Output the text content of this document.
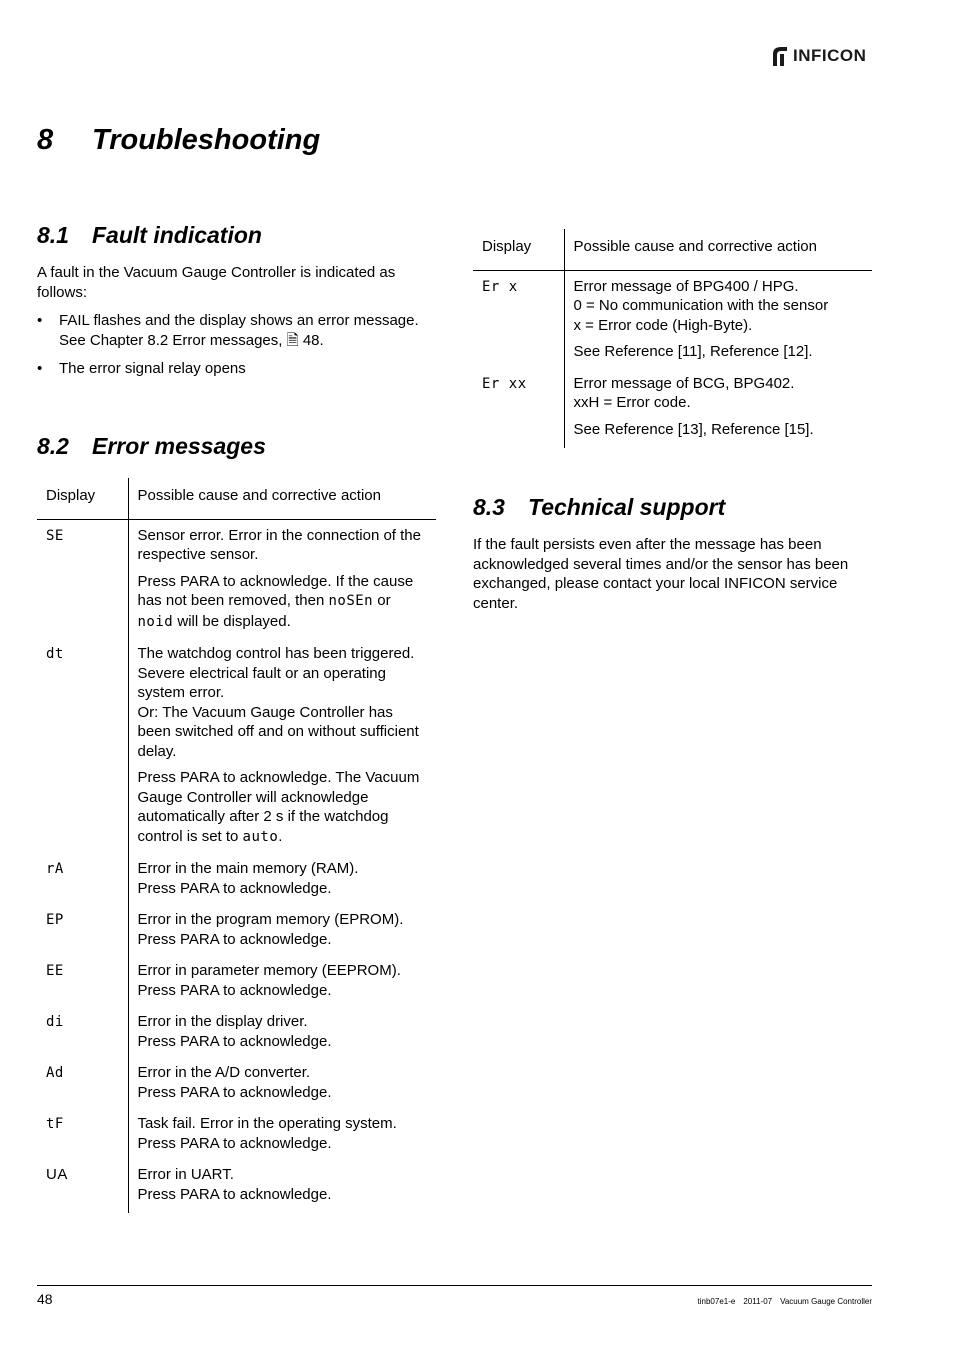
INFICON
8 Troubleshooting
8.1 Fault indication

A fault in the Vacuum Gauge Controller is indicated as follows:

• FAIL flashes and the display shows an error message.
See Chapter 8.2 Error messages, 🗎 48.
• The error signal relay opens
8.2 Error messages
Display	Possible cause and corrective action
SE	Sensor error. Error in the connection of the respective sensor.
Press PARA to acknowledge. If the cause has not been removed, then noSEn or noid will be displayed.

dt	The watchdog control has been triggered. Severe electrical fault or an operating system error.
Or: The Vacuum Gauge Controller has been switched off and on without sufficient delay.
Press PARA to acknowledge. The Vacuum Gauge Controller will acknowledge automatically after 2 s if the watchdog control is set to auto.

rA	Error in the main memory (RAM).
Press PARA to acknowledge.

EP	Error in the program memory (EPROM).
Press PARA to acknowledge.

EE	Error in parameter memory (EEPROM).
Press PARA to acknowledge.

di	Error in the display driver.
Press PARA to acknowledge.

Ad	Error in the A/D converter.
Press PARA to acknowledge.

tF	Task fail. Error in the operating system.
Press PARA to acknowledge.

UA	Error in UART.
Press PARA to acknowledge.
Display	Possible cause and corrective action
Er x	Error message of BPG400 / HPG.
0 = No communication with the sensor
x = Error code (High-Byte).
See Reference [11], Reference [12].

Er xx	Error message of BCG, BPG402.
xxH = Error code.
See Reference [13], Reference [15].
8.3 Technical support

If the fault persists even after the message has been acknowledged several times and/or the sensor has been exchanged, please contact your local INFICON service center.

48	tinb07e1-e 2011-07 Vacuum Gauge Controller
